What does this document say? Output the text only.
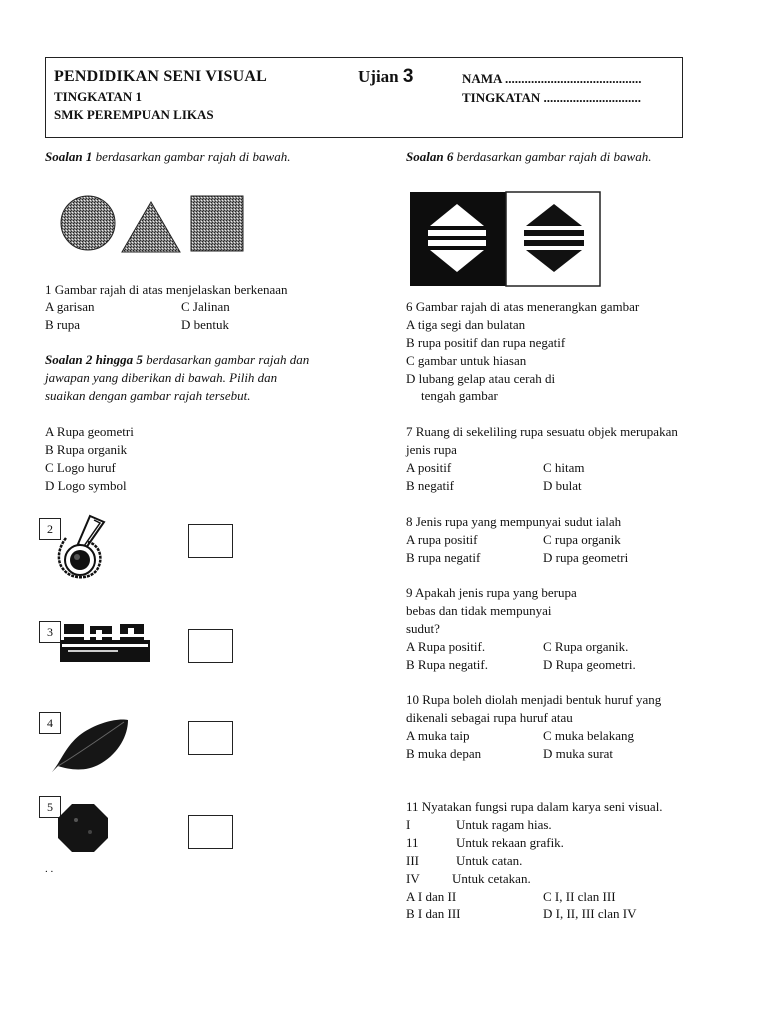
PENDIDIKAN SENI VISUAL
TINGKATAN 1
SMK PEREMPUAN LIKAS
Ujian 3	NAMA ..........................................
TINGKATAN ..............................
Soalan 1 berdasarkan gambar rajah di bawah.
1 Gambar rajah di atas menjelaskan berkenaan
A garisan	C Jalinan
B rupa	D bentuk
Soalan 2 hingga 5 berdasarkan gambar rajah dan
jawapan yang diberikan di bawah. Pilih dan
suaikan dengan gambar rajah tersebut.
A Rupa geometri
B Rupa organik
C Logo huruf
D Logo symbol
2
3
4
5
. .
Soalan 6 berdasarkan gambar rajah di bawah.
6 Gambar rajah di atas menerangkan gambar
A tiga segi dan bulatan
B rupa positif dan rupa negatif
C gambar untuk hiasan
D lubang gelap atau cerah di
tengah gambar
7 Ruang di sekeliling rupa sesuatu objek merupakan
jenis rupa
A positif	C hitam
B negatif	D bulat
8 Jenis rupa yang mempunyai sudut ialah
A rupa positif	C rupa organik
B rupa negatif	D rupa geometri
9 Apakah jenis rupa yang berupa
bebas dan tidak mempunyai
sudut?
A Rupa positif.	C Rupa organik.
B Rupa negatif.	D Rupa geometri.
10 Rupa boleh diolah menjadi bentuk huruf yang
dikenali sebagai rupa huruf atau
A muka taip	C muka belakang
B muka depan	D muka surat
11 Nyatakan fungsi rupa dalam karya seni visual.
I	Untuk ragam hias.
11	Untuk rekaan grafik.
III	Untuk catan.
IV Untuk cetakan.
A I dan II	C I, II clan III
B I dan III	D I, II, III clan IV
